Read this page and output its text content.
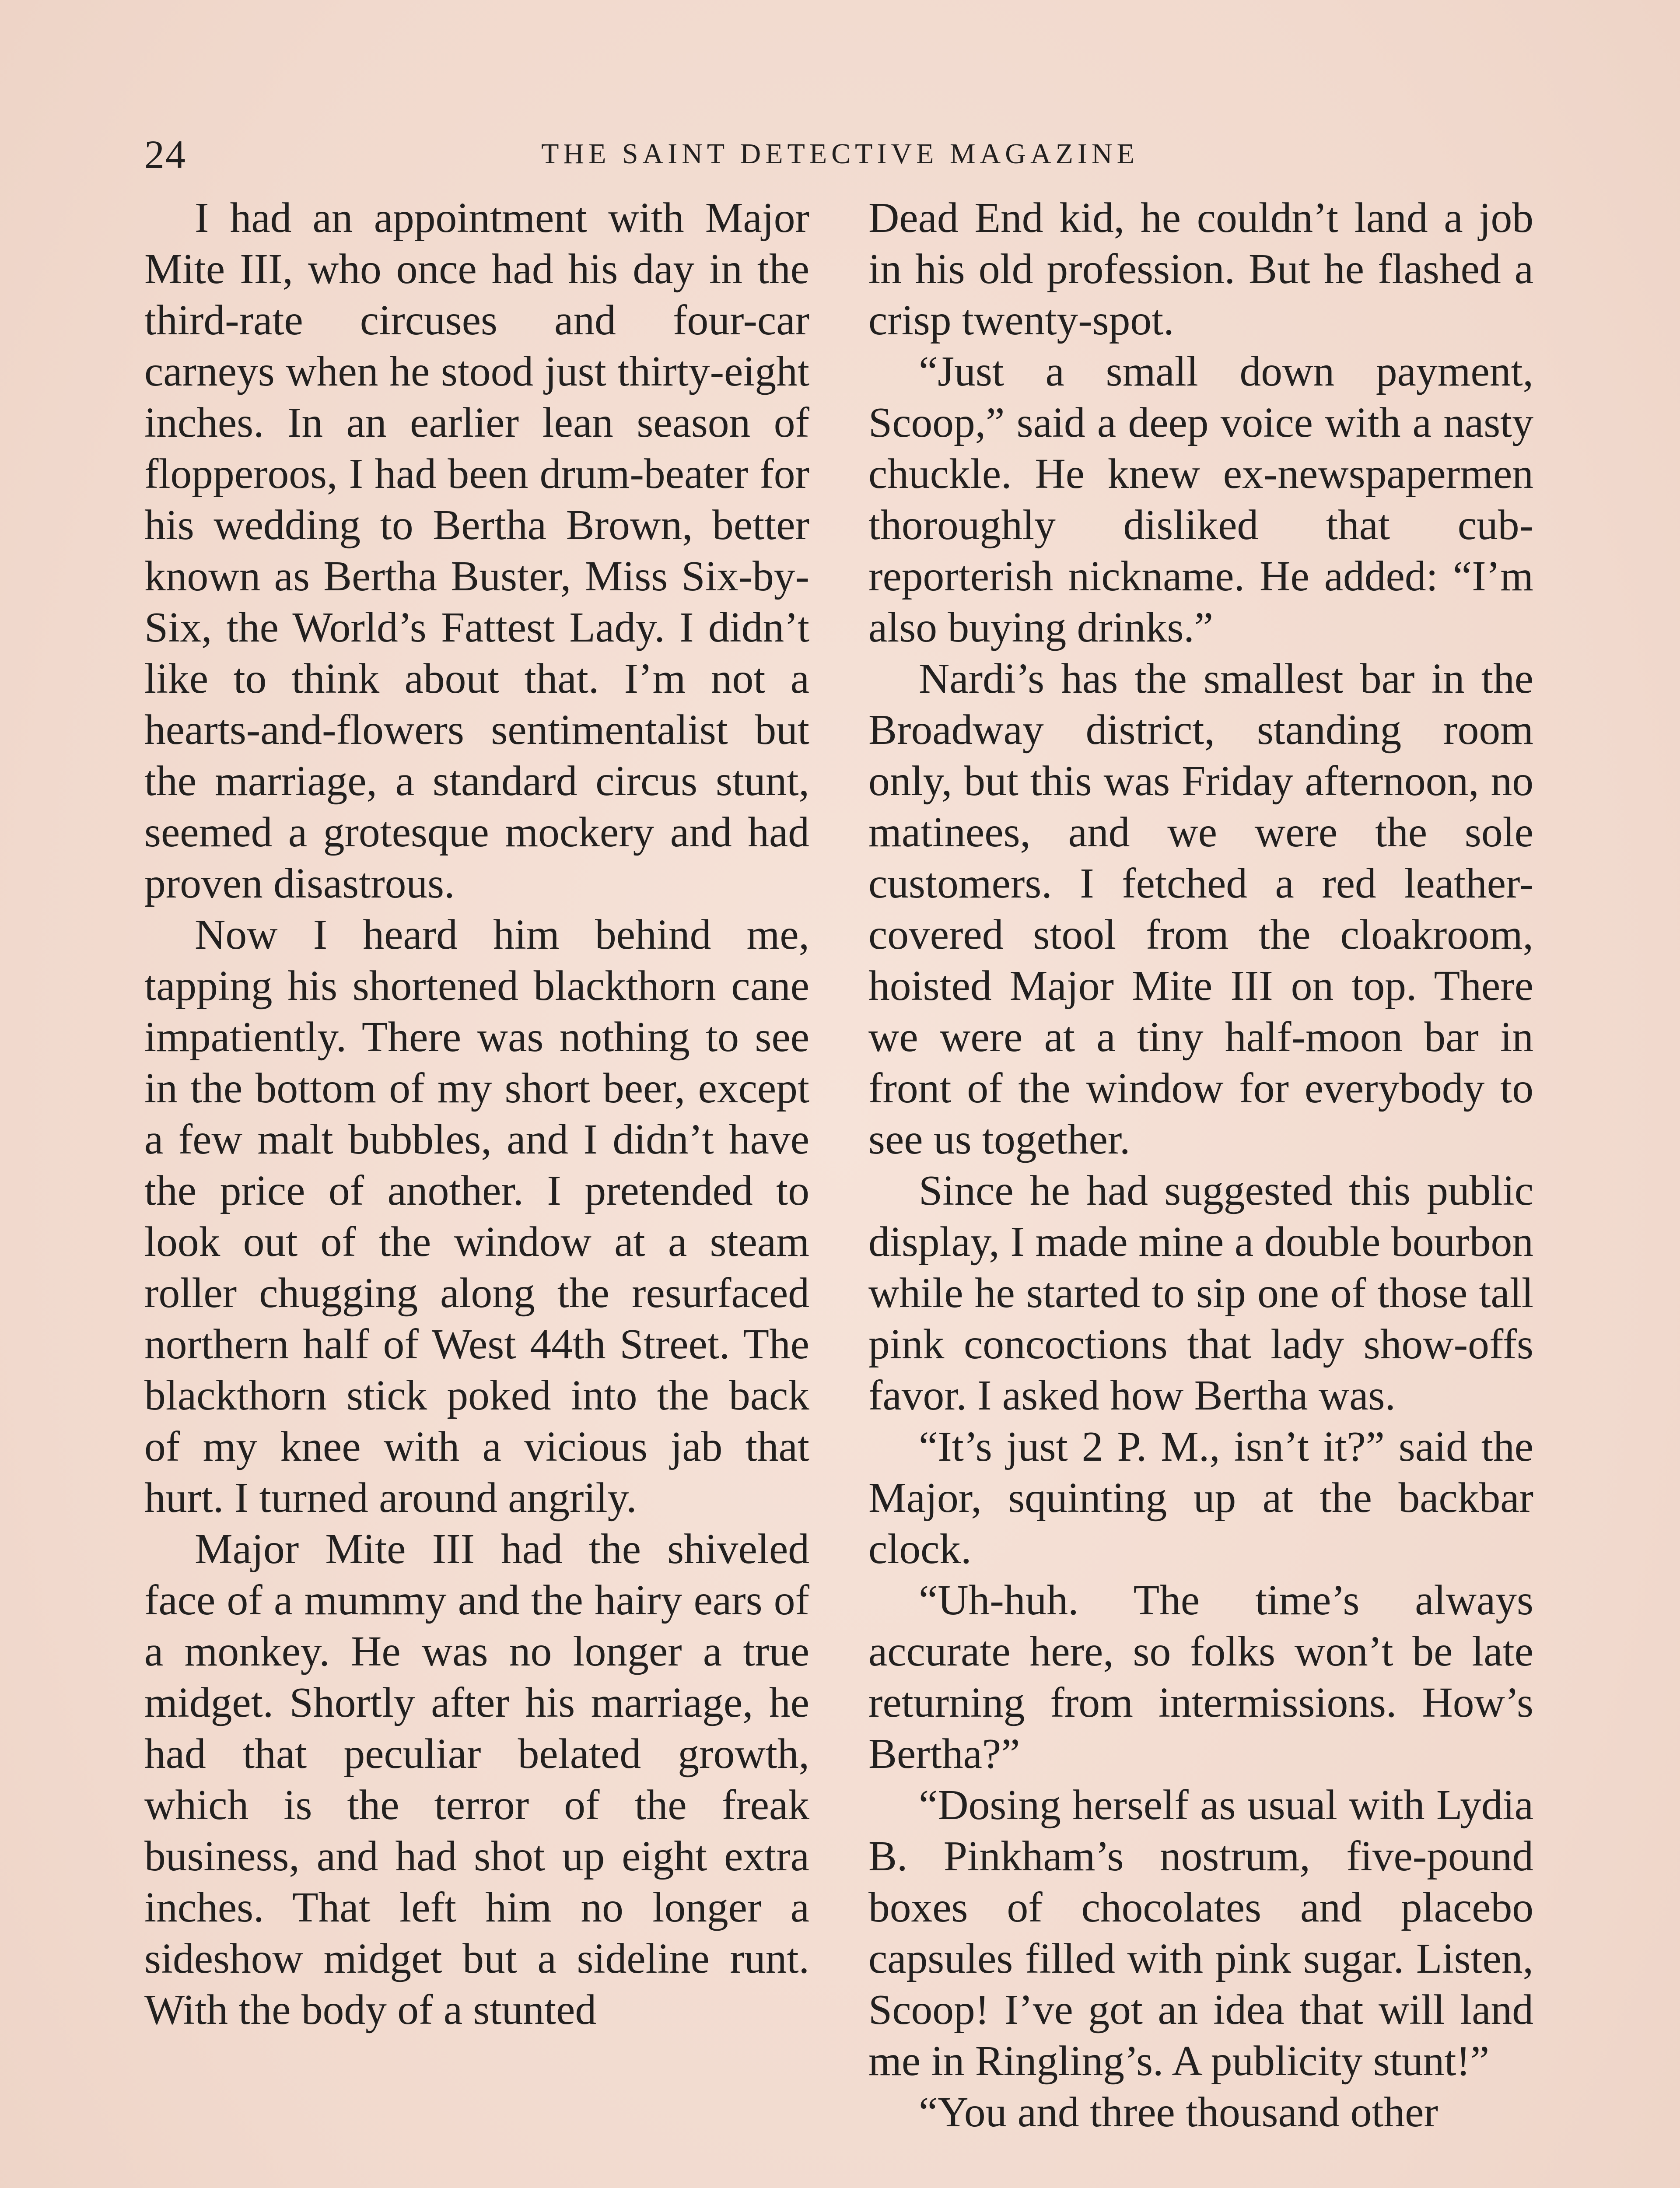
24	THE SAINT DETECTIVE MAGAZINE

I had an appointment with Major Mite III, who once had his day in the third-rate circuses and four-car carneys when he stood just thirty-eight inches. In an earlier lean season of flopperoos, I had been drum-beater for his wedding to Bertha Brown, better known as Bertha Buster, Miss Six-by-Six, the World’s Fattest Lady. I didn’t like to think about that. I’m not a hearts-and-flowers sentimentalist but the marriage, a standard circus stunt, seemed a grotesque mockery and had proven disastrous.

Now I heard him behind me, tapping his shortened blackthorn cane impatiently. There was nothing to see in the bottom of my short beer, except a few malt bubbles, and I didn’t have the price of another. I pretended to look out of the window at a steam roller chugging along the resurfaced northern half of West 44th Street. The blackthorn stick poked into the back of my knee with a vicious jab that hurt. I turned around angrily.

Major Mite III had the shiveled face of a mummy and the hairy ears of a monkey. He was no longer a true midget. Shortly after his marriage, he had that peculiar belated growth, which is the terror of the freak business, and had shot up eight extra inches. That left him no longer a sideshow midget but a sideline runt. With the body of a stunted

Dead End kid, he couldn’t land a job in his old profession. But he flashed a crisp twenty-spot.

“Just a small down payment, Scoop,” said a deep voice with a nasty chuckle. He knew ex-newspapermen thoroughly disliked that cub-reporterish nickname. He added: “I’m also buying drinks.”

Nardi’s has the smallest bar in the Broadway district, standing room only, but this was Friday afternoon, no matinees, and we were the sole customers. I fetched a red leather-covered stool from the cloakroom, hoisted Major Mite III on top. There we were at a tiny half-moon bar in front of the window for everybody to see us together.

Since he had suggested this public display, I made mine a double bourbon while he started to sip one of those tall pink concoctions that lady show-offs favor. I asked how Bertha was.

“It’s just 2 P. M., isn’t it?” said the Major, squinting up at the backbar clock.

“Uh-huh. The time’s always accurate here, so folks won’t be late returning from intermissions. How’s Bertha?”

“Dosing herself as usual with Lydia B. Pinkham’s nostrum, five-pound boxes of chocolates and placebo capsules filled with pink sugar. Listen, Scoop! I’ve got an idea that will land me in Ringling’s. A publicity stunt!”

“You and three thousand other
